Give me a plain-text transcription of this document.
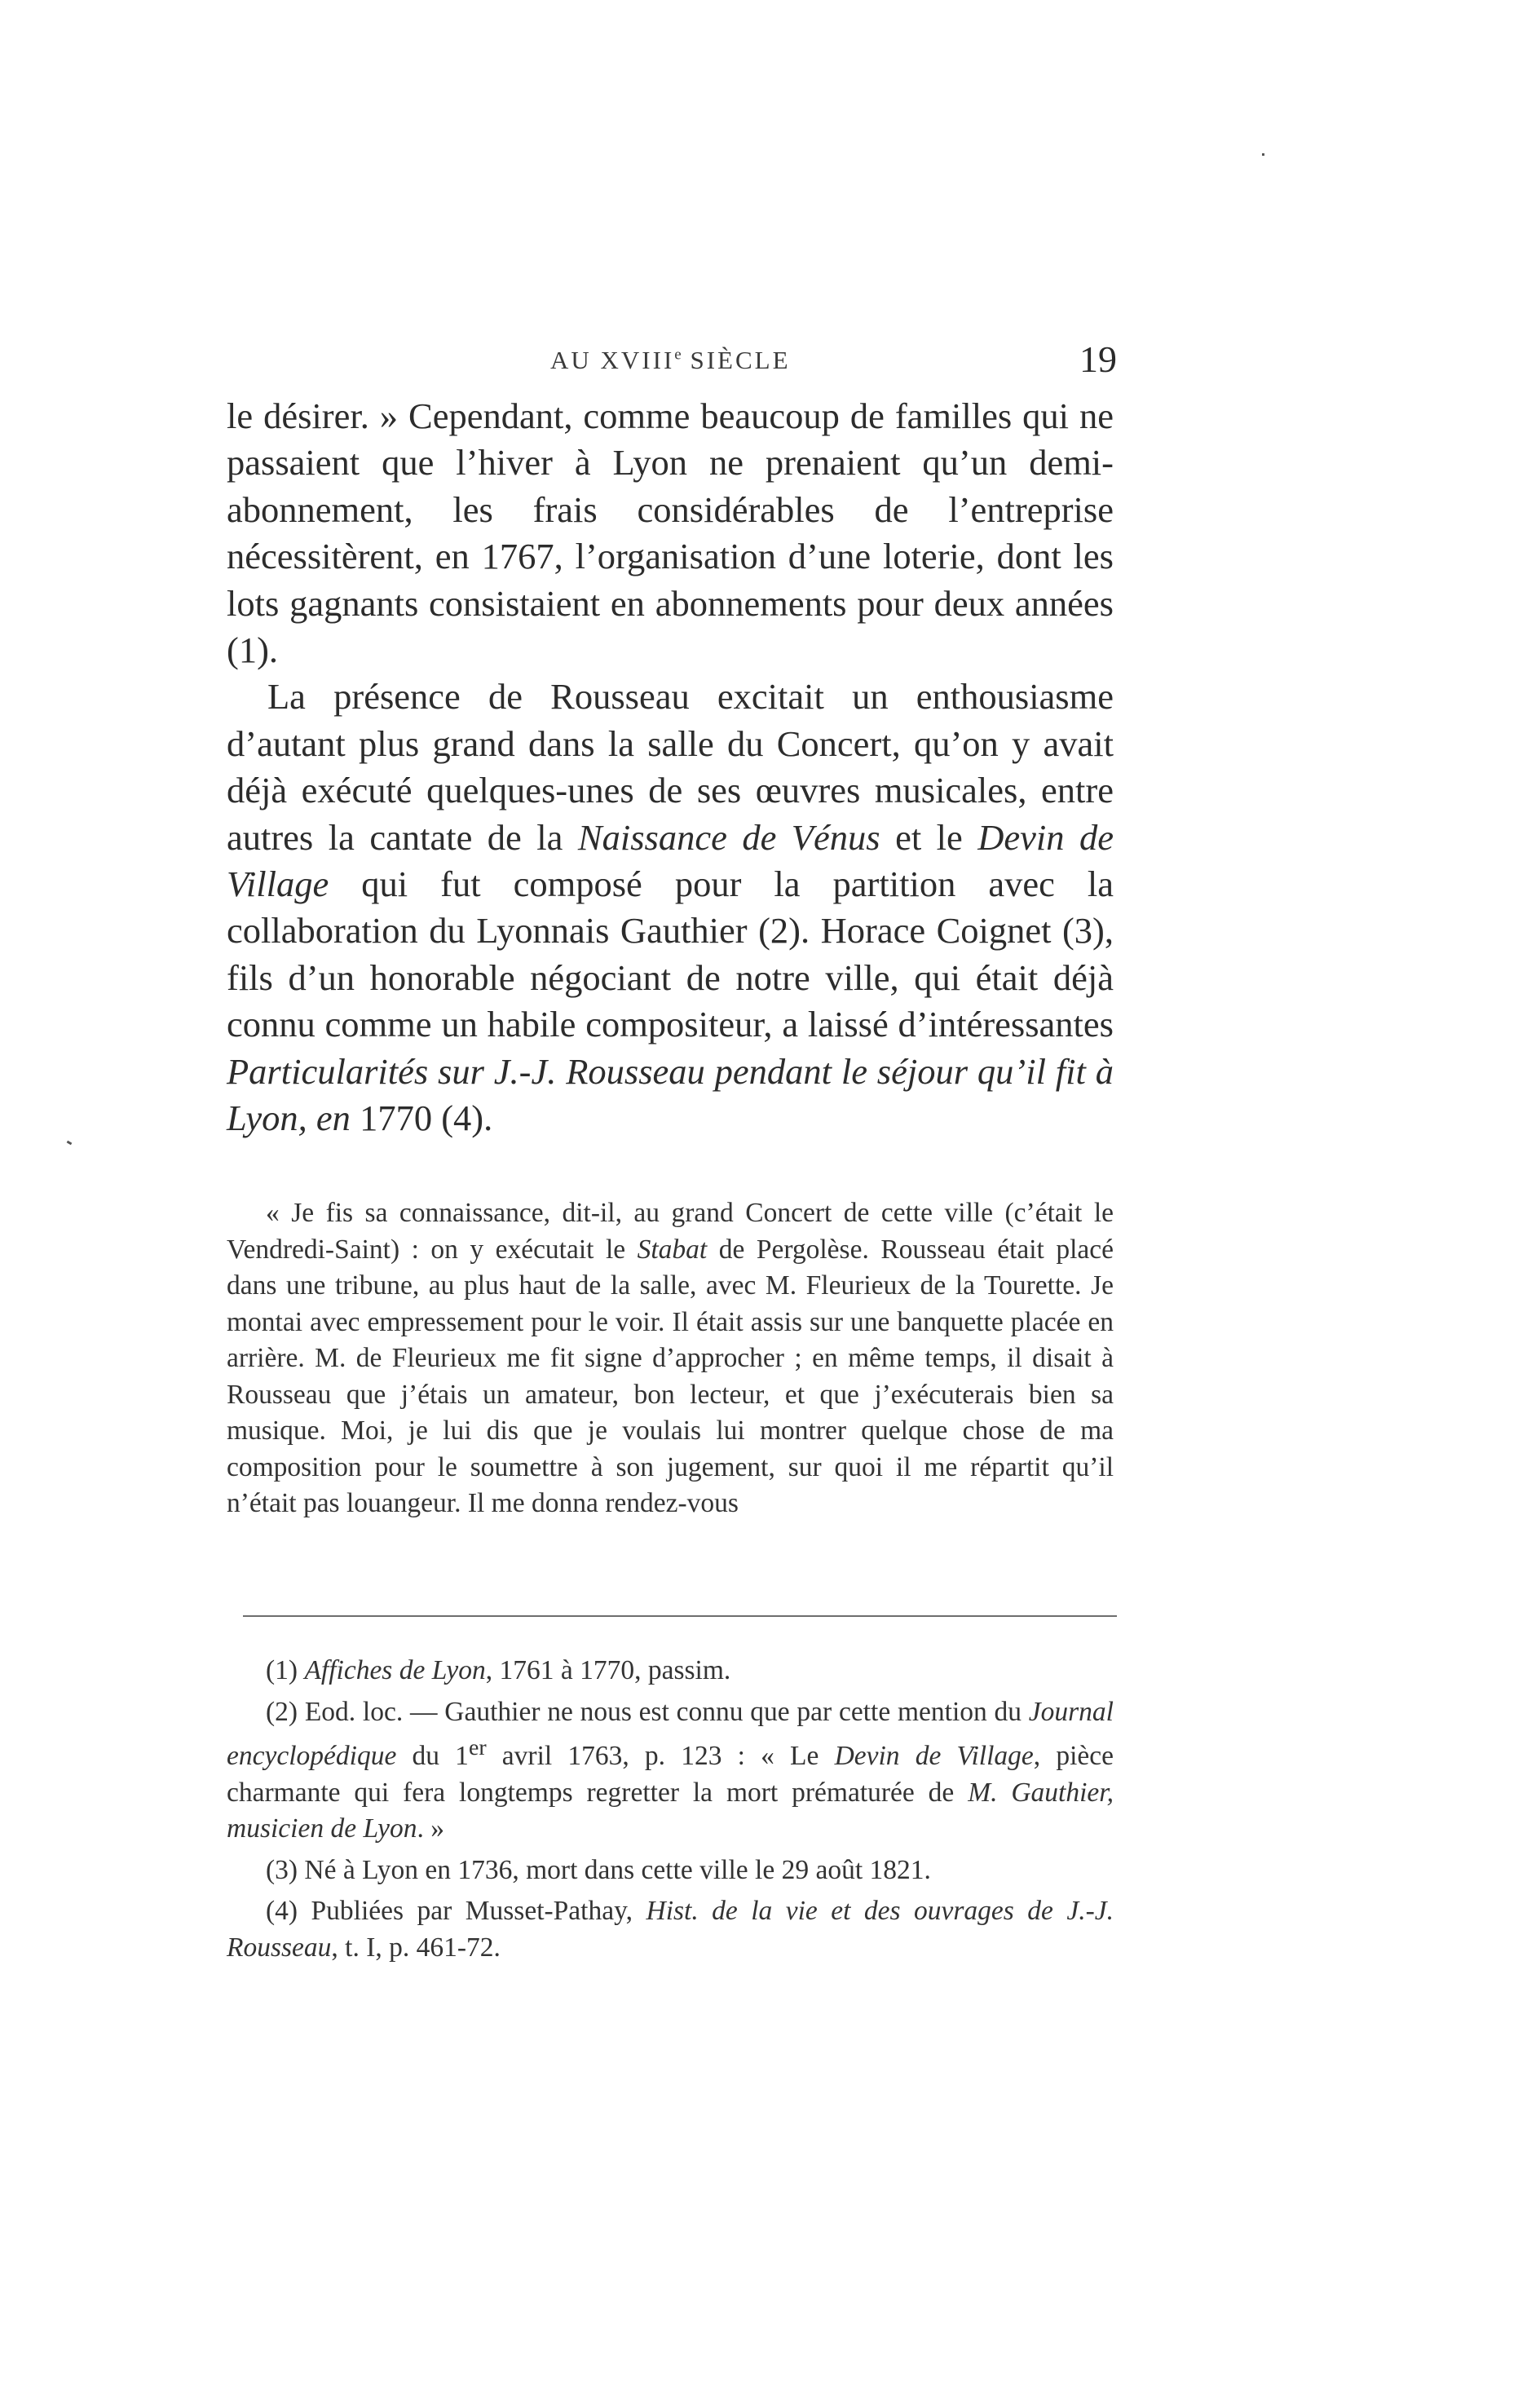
AU XVIIIe SIÈCLE	19

le désirer. » Cependant, comme beaucoup de familles qui ne passaient que l’hiver à Lyon ne prenaient qu’un demi-abonnement, les frais considérables de l’entreprise nécessitèrent, en 1767, l’organisation d’une loterie, dont les lots gagnants consistaient en abonnements pour deux années (1).

La présence de Rousseau excitait un enthousiasme d’autant plus grand dans la salle du Concert, qu’on y avait déjà exécuté quelques-unes de ses œuvres musicales, entre autres la cantate de la Naissance de Vénus et le Devin de Village qui fut composé pour la partition avec la collaboration du Lyonnais Gauthier (2). Horace Coignet (3), fils d’un honorable négociant de notre ville, qui était déjà connu comme un habile compositeur, a laissé d’intéressantes Particularités sur J.-J. Rousseau pendant le séjour qu’il fit à Lyon, en 1770 (4).

« Je fis sa connaissance, dit-il, au grand Concert de cette ville (c’était le Vendredi-Saint) : on y exécutait le Stabat de Pergolèse. Rousseau était placé dans une tribune, au plus haut de la salle, avec M. Fleurieux de la Tourette. Je montai avec empressement pour le voir. Il était assis sur une banquette placée en arrière. M. de Fleurieux me fit signe d’approcher ; en même temps, il disait à Rousseau que j’étais un amateur, bon lecteur, et que j’exécuterais bien sa musique. Moi, je lui dis que je voulais lui montrer quelque chose de ma composition pour le soumettre à son jugement, sur quoi il me répartit qu’il n’était pas louangeur. Il me donna rendez-vous

(1) Affiches de Lyon, 1761 à 1770, passim.

(2) Eod. loc. — Gauthier ne nous est connu que par cette mention du Journal encyclopédique du 1er avril 1763, p. 123 : « Le Devin de Village, pièce charmante qui fera longtemps regretter la mort prématurée de M. Gauthier, musicien de Lyon. »

(3) Né à Lyon en 1736, mort dans cette ville le 29 août 1821.

(4) Publiées par Musset-Pathay, Hist. de la vie et des ouvrages de J.-J. Rousseau, t. I, p. 461-72.
